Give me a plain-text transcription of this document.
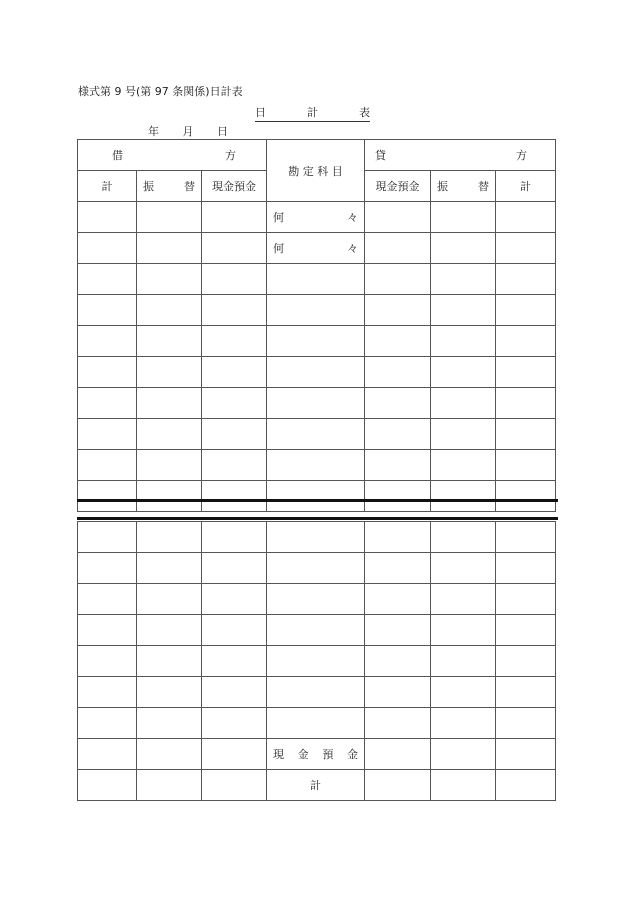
様式第 9 号(第 97 条関係)日計表
日	計	表
年 月 日
借 方			勘 定 科 目	貸 方		

計	振 替	現金預金		現金預金	振 替	計

			何 々			

			何 々			

			現 金 預 金			

			計			
